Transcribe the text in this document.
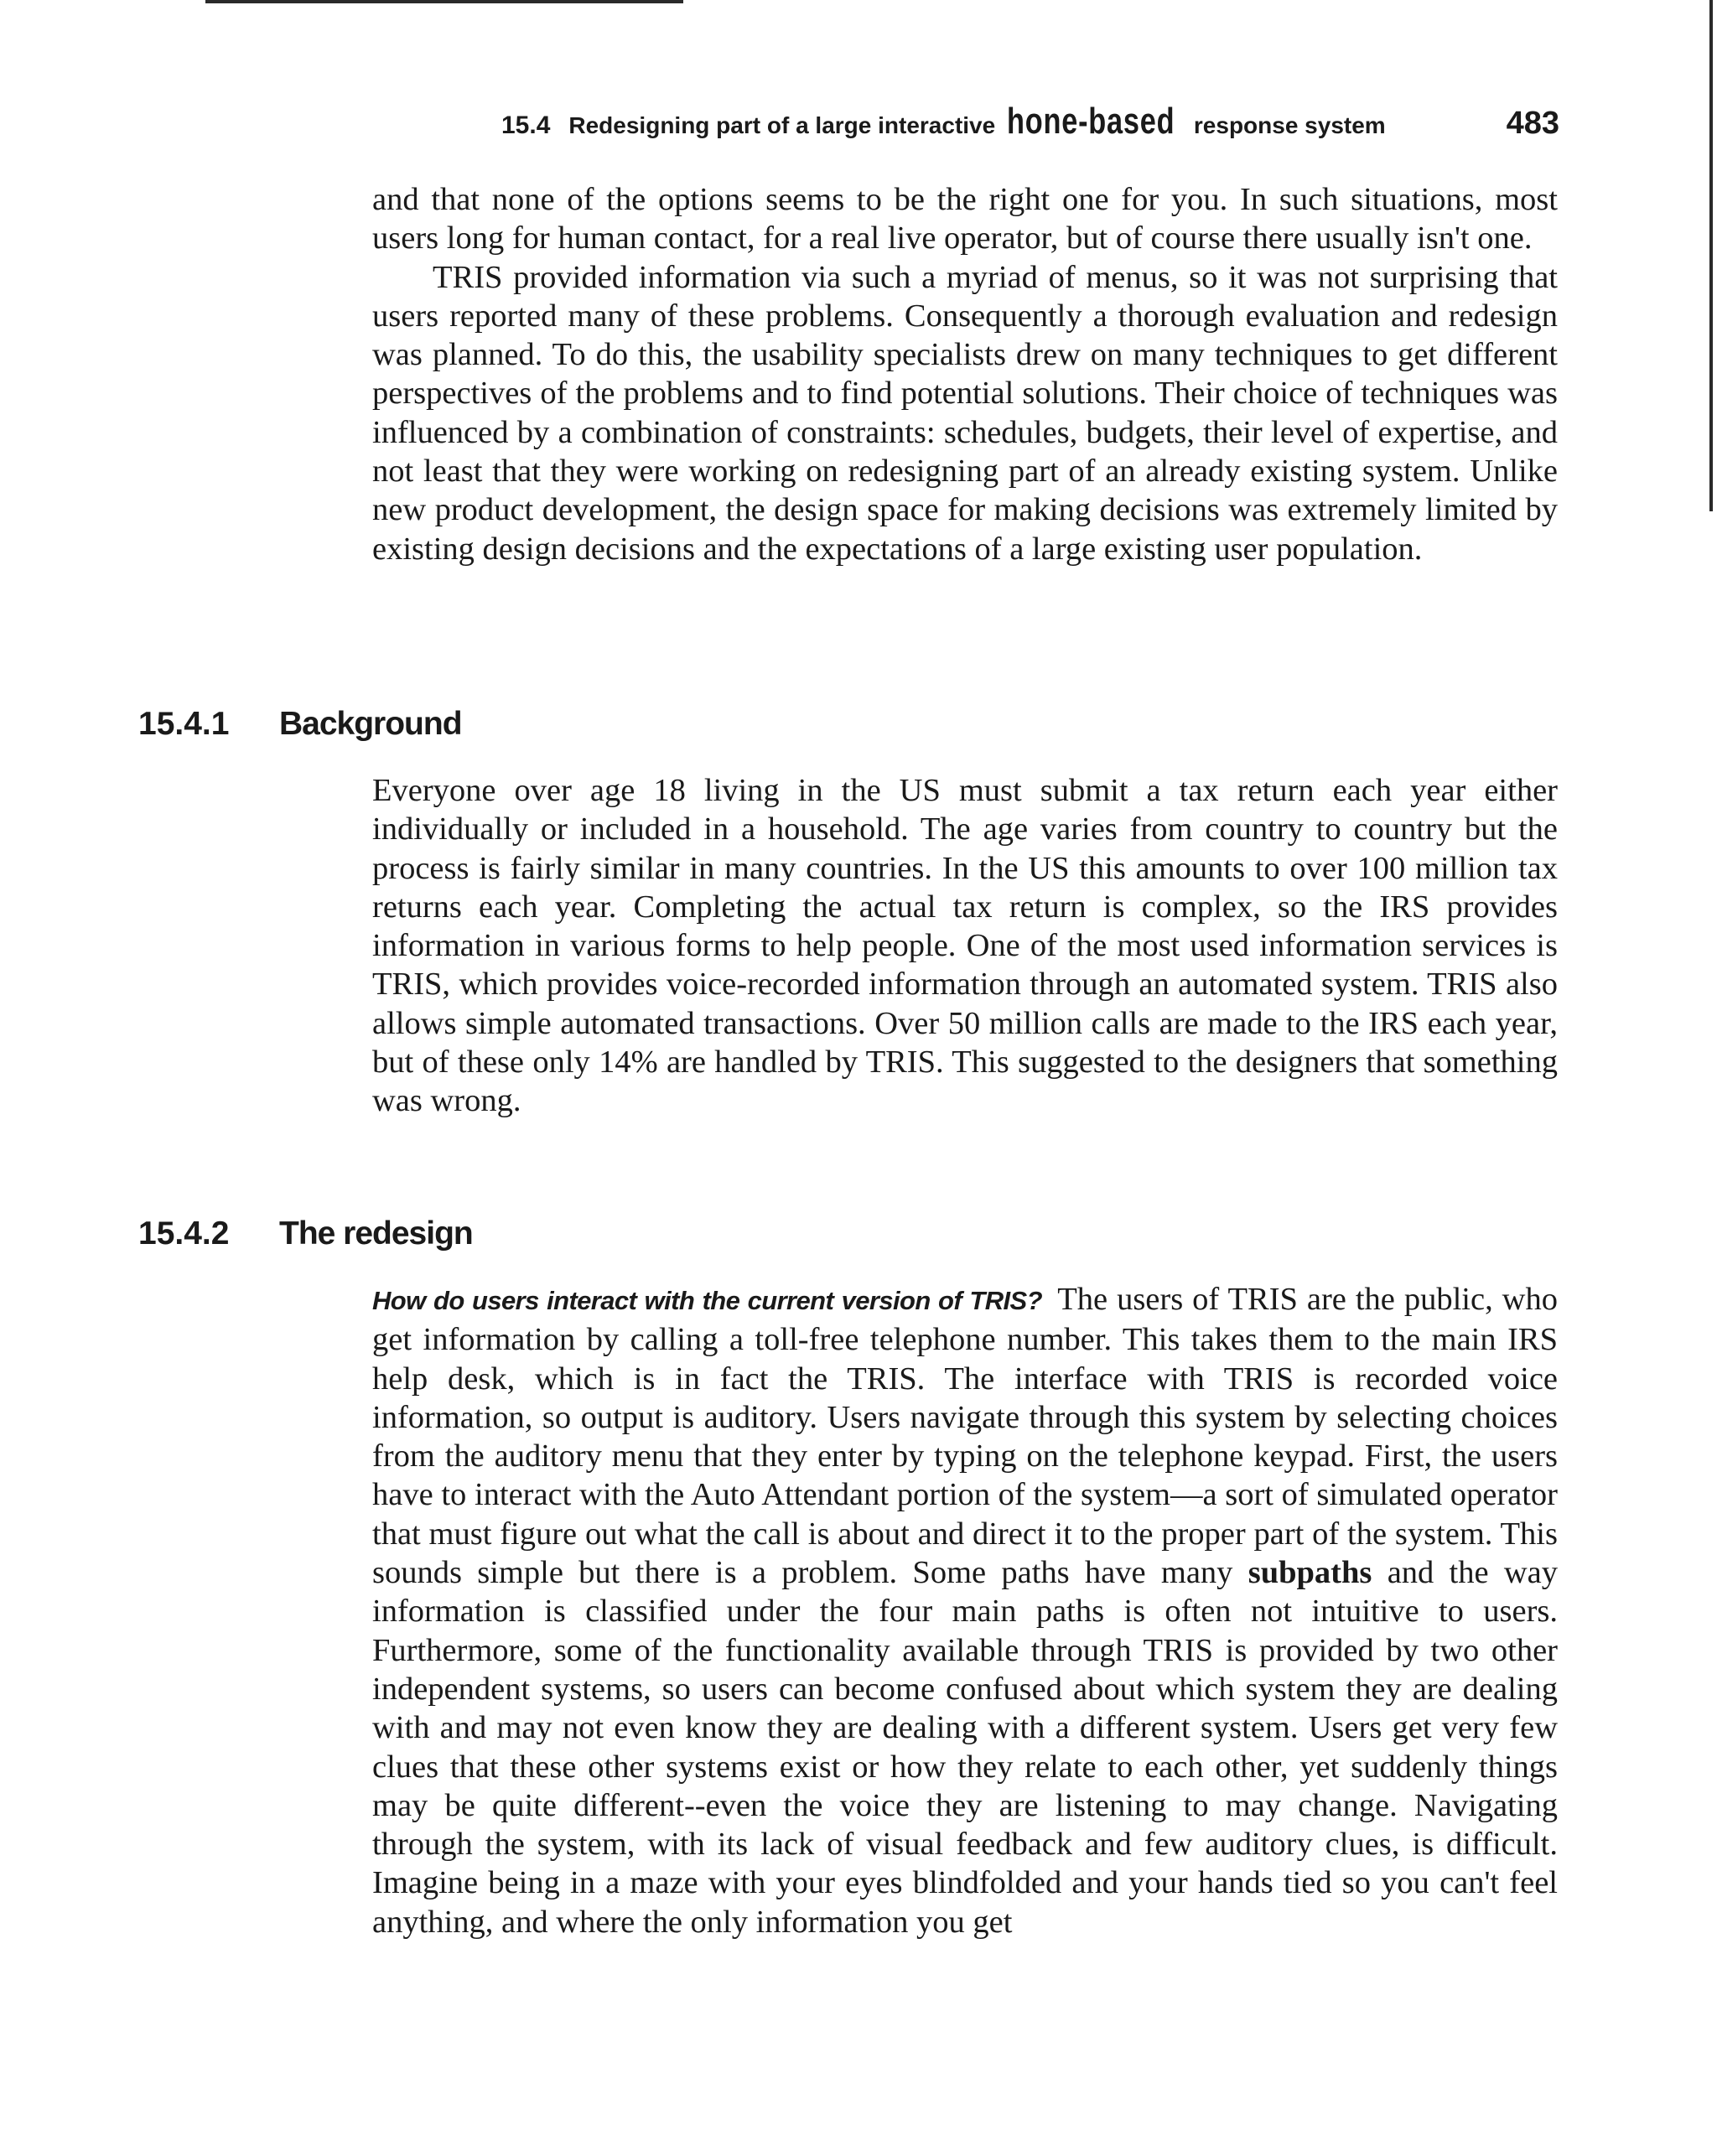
15.4 Redesigning part of a large interactive hone-based response system	483

and that none of the options seems to be the right one for you. In such situations, most users long for human contact, for a real live operator, but of course there usually isn't one.

TRIS provided information via such a myriad of menus, so it was not surprising that users reported many of these problems. Consequently a thorough evaluation and redesign was planned. To do this, the usability specialists drew on many techniques to get different perspectives of the problems and to find potential solutions. Their choice of techniques was influenced by a combination of constraints: schedules, budgets, their level of expertise, and not least that they were working on redesigning part of an already existing system. Unlike new product development, the design space for making decisions was extremely limited by existing design decisions and the expectations of a large existing user population.

15.4.1	Background

Everyone over age 18 living in the US must submit a tax return each year either individually or included in a household. The age varies from country to country but the process is fairly similar in many countries. In the US this amounts to over 100 million tax returns each year. Completing the actual tax return is complex, so the IRS provides information in various forms to help people. One of the most used information services is TRIS, which provides voice-recorded information through an automated system. TRIS also allows simple automated transactions. Over 50 million calls are made to the IRS each year, but of these only 14% are handled by TRIS. This suggested to the designers that something was wrong.

15.4.2	The redesign

How do users interact with the current version of TRIS? The users of TRIS are the public, who get information by calling a toll-free telephone number. This takes them to the main IRS help desk, which is in fact the TRIS. The interface with TRIS is recorded voice information, so output is auditory. Users navigate through this system by selecting choices from the auditory menu that they enter by typing on the telephone keypad. First, the users have to interact with the Auto Attendant portion of the system—a sort of simulated operator that must figure out what the call is about and direct it to the proper part of the system. This sounds simple but there is a problem. Some paths have many subpaths and the way information is classified under the four main paths is often not intuitive to users. Furthermore, some of the functionality available through TRIS is provided by two other independent systems, so users can become confused about which system they are dealing with and may not even know they are dealing with a different system. Users get very few clues that these other systems exist or how they relate to each other, yet suddenly things may be quite different--even the voice they are listening to may change. Navigating through the system, with its lack of visual feedback and few auditory clues, is difficult. Imagine being in a maze with your eyes blindfolded and your hands tied so you can't feel anything, and where the only information you get
